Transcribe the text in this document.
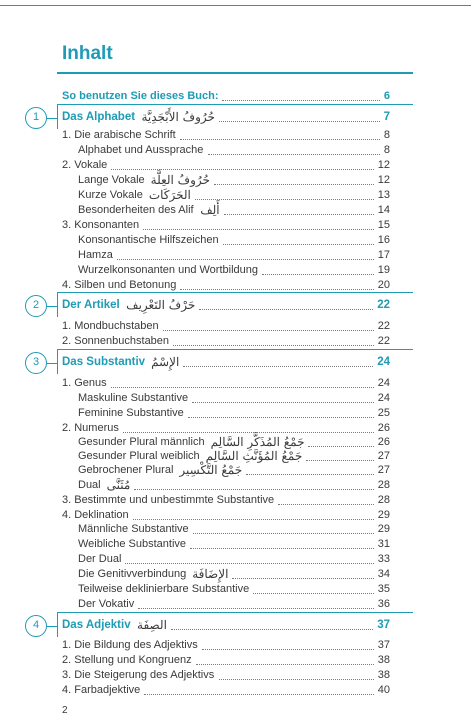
Inhalt
So benutzen Sie dieses Buch:	6
Das Alphabet حُرُوفُ الأَبْجَدِيَّة	7
1
1. Die arabische Schrift	8
Alphabet und Aussprache	8
2. Vokale	12
Lange Vokale حُرُوفُ العِلَّة	12
Kurze Vokale الحَرَكَات	13
Besonderheiten des Alif أَلِف	14
3. Konsonanten	15
Konsonantische Hilfszeichen	16
Hamza	17
Wurzelkonsonanten und Wortbildung	19
4. Silben und Betonung	20
Der Artikel حَرْفُ التَعْرِيف	22
2
1. Mondbuchstaben	22
2. Sonnenbuchstaben	22
Das Substantiv الإِسْمُ	24
3
1. Genus	24
Maskuline Substantive	24
Feminine Substantive	25
2. Numerus	26
Gesunder Plural männlich جَمْعُ المُذَكَّرِ السَّالِم	26
Gesunder Plural weiblich جَمْعُ المُؤَنَّثِ السَّالِم	27
Gebrochener Plural جَمْعُ التَّكْسِير	27
Dual مُثَنَّى	28
3. Bestimmte und unbestimmte Substantive	28
4. Deklination	29
Männliche Substantive	29
Weibliche Substantive	31
Der Dual	33
Die Genitivverbindung الإِضَافَة	34
Teilweise deklinierbare Substantive	35
Der Vokativ	36
Das Adjektiv الصِفَة	37
4
1. Die Bildung des Adjektivs	37
2. Stellung und Kongruenz	38
3. Die Steigerung des Adjektivs	38
4. Farbadjektive	40
2
